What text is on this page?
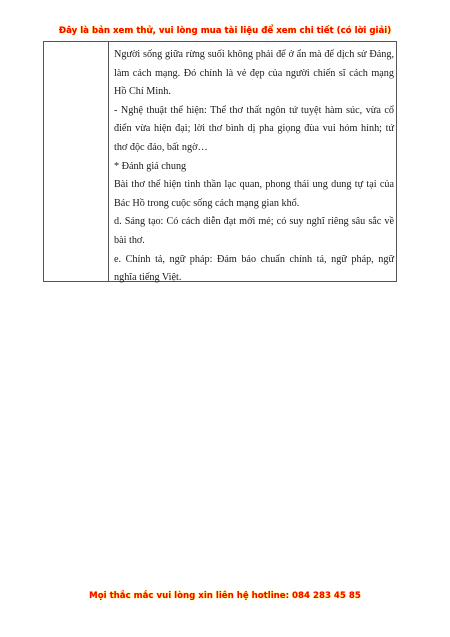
Đây là bản xem thử, vui lòng mua tài liệu để xem chi tiết (có lời giải)

Người sống giữa rừng suối không phải để ở ẩn mà để dịch sử Đảng, làm cách mạng. Đó chính là vẻ đẹp của người chiến sĩ cách mạng Hồ Chí Minh.

- Nghệ thuật thể hiện: Thể thơ thất ngôn tứ tuyệt hàm súc, vừa cổ điển vừa hiện đại; lời thơ bình dị pha giọng đùa vui hóm hỉnh; tứ thơ độc đáo, bất ngờ…

* Đánh giá chung

Bài thơ thể hiện tinh thần lạc quan, phong thái ung dung tự tại của Bác Hồ trong cuộc sống cách mạng gian khổ.

d. Sáng tạo: Có cách diễn đạt mới mẻ; có suy nghĩ riêng sâu sắc về bài thơ.

e. Chính tả, ngữ pháp: Đảm bảo chuẩn chính tả, ngữ pháp, ngữ nghĩa tiếng Việt.

Mọi thắc mắc vui lòng xin liên hệ hotline: 084 283 45 85
